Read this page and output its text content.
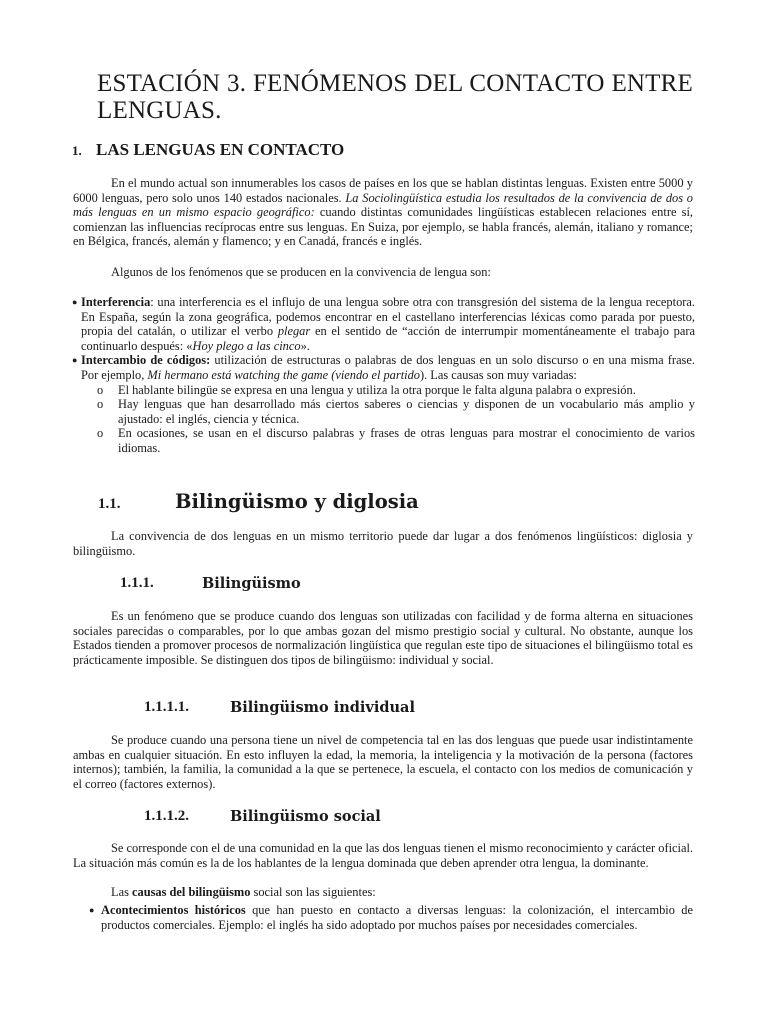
ESTACIÓN 3. FENÓMENOS DEL CONTACTO ENTRE LENGUAS.
1. LAS LENGUAS EN CONTACTO
En el mundo actual son innumerables los casos de países en los que se hablan distintas lenguas. Existen entre 5000 y 6000 lenguas, pero solo unos 140 estados nacionales. La Sociolingüística estudia los resultados de la convivencia de dos o más lenguas en un mismo espacio geográfico: cuando distintas comunidades lingüísticas establecen relaciones entre sí, comienzan las influencias recíprocas entre sus lenguas. En Suiza, por ejemplo, se habla francés, alemán, italiano y romance; en Bélgica, francés, alemán y flamenco; y en Canadá, francés e inglés.
Algunos de los fenómenos que se producen en la convivencia de lengua son:
● Interferencia: una interferencia es el influjo de una lengua sobre otra con transgresión del sistema de la lengua receptora. En España, según la zona geográfica, podemos encontrar en el castellano interferencias léxicas como parada por puesto, propia del catalán, o utilizar el verbo plegar en el sentido de “acción de interrumpir momentáneamente el trabajo para continuarlo después: «Hoy plego a las cinco».
● Intercambio de códigos: utilización de estructuras o palabras de dos lenguas en un solo discurso o en una misma frase. Por ejemplo, Mi hermano está watching the game (viendo el partido). Las causas son muy variadas:
o El hablante bilingüe se expresa en una lengua y utiliza la otra porque le falta alguna palabra o expresión.
o Hay lenguas que han desarrollado más ciertos saberes o ciencias y disponen de un vocabulario más amplio y ajustado: el inglés, ciencia y técnica.
o En ocasiones, se usan en el discurso palabras y frases de otras lenguas para mostrar el conocimiento de varios idiomas.
1.1.	Bilingüismo y diglosia
La convivencia de dos lenguas en un mismo territorio puede dar lugar a dos fenómenos lingüísticos: diglosia y bilingüismo.
1.1.1.	Bilingüismo
Es un fenómeno que se produce cuando dos lenguas son utilizadas con facilidad y de forma alterna en situaciones sociales parecidas o comparables, por lo que ambas gozan del mismo prestigio social y cultural. No obstante, aunque los Estados tienden a promover procesos de normalización lingüística que regulan este tipo de situaciones el bilingüismo total es prácticamente imposible. Se distinguen dos tipos de bilingüismo: individual y social.
1.1.1.1.	Bilingüismo individual
Se produce cuando una persona tiene un nivel de competencia tal en las dos lenguas que puede usar indistintamente ambas en cualquier situación. En esto influyen la edad, la memoria, la inteligencia y la motivación de la persona (factores internos); también, la familia, la comunidad a la que se pertenece, la escuela, el contacto con los medios de comunicación y el correo (factores externos).
1.1.1.2.	Bilingüismo social
Se corresponde con el de una comunidad en la que las dos lenguas tienen el mismo reconocimiento y carácter oficial. La situación más común es la de los hablantes de la lengua dominada que deben aprender otra lengua, la dominante.
Las causas del bilingüismo social son las siguientes:
● Acontecimientos históricos que han puesto en contacto a diversas lenguas: la colonización, el intercambio de productos comerciales. Ejemplo: el inglés ha sido adoptado por muchos países por necesidades comerciales.
